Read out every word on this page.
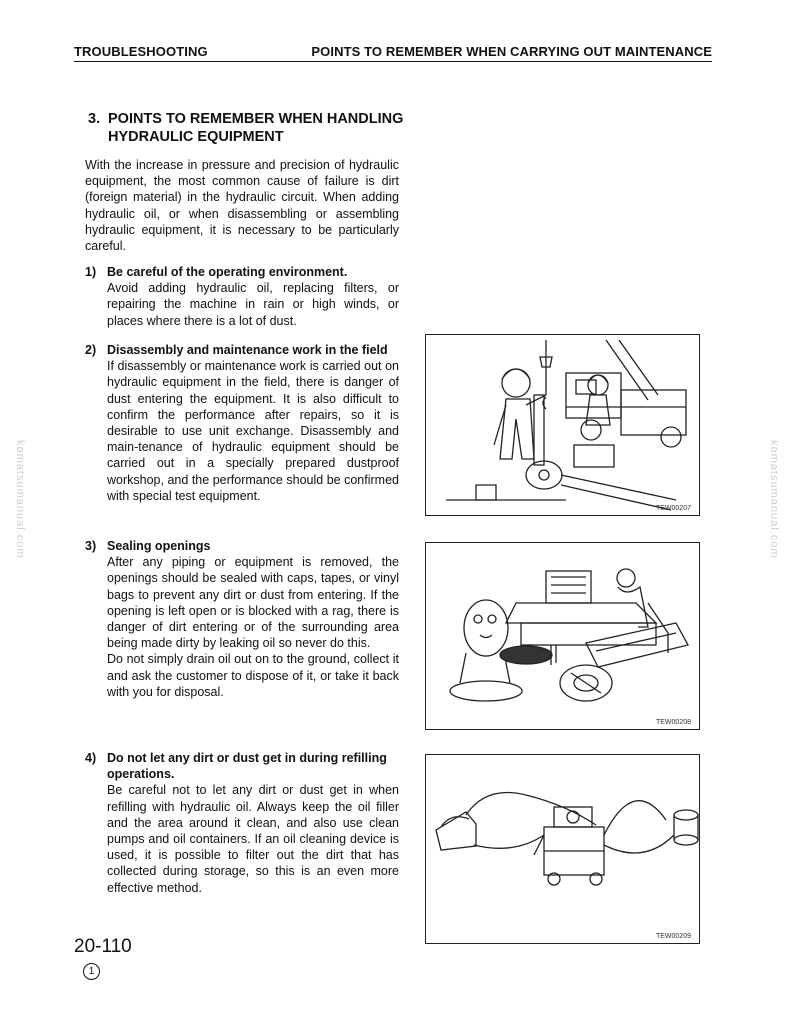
TROUBLESHOOTING	POINTS TO REMEMBER WHEN CARRYING OUT MAINTENANCE
komatsumanual.com	komatsumanual.com
3. POINTS TO REMEMBER WHEN HANDLING HYDRAULIC EQUIPMENT
With the increase in pressure and precision of hydraulic equipment, the most common cause of failure is dirt (foreign material) in the hydraulic circuit. When adding hydraulic oil, or when disassembling or assembling hydraulic equipment, it is necessary to be particularly careful.
1) Be careful of the operating environment.
Avoid adding hydraulic oil, replacing filters, or repairing the machine in rain or high winds, or places where there is a lot of dust.
2) Disassembly and maintenance work in the field
If disassembly or maintenance work is carried out on hydraulic equipment in the field, there is danger of dust entering the equipment. It is also difficult to confirm the performance after repairs, so it is desirable to use unit exchange. Disassembly and main-tenance of hydraulic equipment should be carried out in a specially prepared dustproof workshop, and the performance should be confirmed with special test equipment.
3) Sealing openings
After any piping or equipment is removed, the openings should be sealed with caps, tapes, or vinyl bags to prevent any dirt or dust from entering. If the opening is left open or is blocked with a rag, there is danger of dirt entering or of the surrounding area being made dirty by leaking oil so never do this.
Do not simply drain oil out on to the ground, collect it and ask the customer to dispose of it, or take it back with you for disposal.
4) Do not let any dirt or dust get in during refilling operations.
Be careful not to let any dirt or dust get in when refilling with hydraulic oil. Always keep the oil filler and the area around it clean, and also use clean pumps and oil containers. If an oil cleaning device is used, it is possible to filter out the dirt that has collected during storage, so this is an even more effective method.
TEW00207
TEW00208
TEW00209
20-110
1
